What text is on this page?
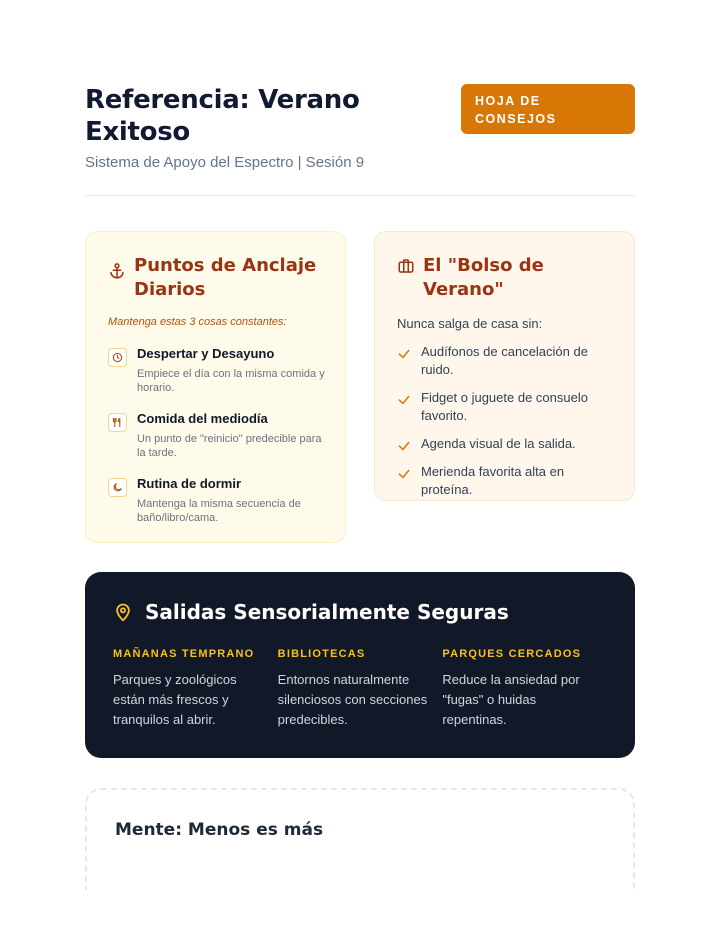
Referencia: Verano Exitoso
Sistema de Apoyo del Espectro | Sesión 9
HOJA DE CONSEJOS
Puntos de Anclaje Diarios
Mantenga estas 3 cosas constantes:
Despertar y Desayuno
Empiece el día con la misma comida y horario.
Comida del mediodía
Un punto de "reinicio" predecible para la tarde.
Rutina de dormir
Mantenga la misma secuencia de baño/libro/cama.
El "Bolso de Verano"
Nunca salga de casa sin:
Audífonos de cancelación de ruido.
Fidget o juguete de consuelo favorito.
Agenda visual de la salida.
Merienda favorita alta en proteína.
Salidas Sensorialmente Seguras
MAÑANAS TEMPRANO
Parques y zoológicos están más frescos y tranquilos al abrir.
BIBLIOTECAS
Entornos naturalmente silenciosos con secciones predecibles.
PARQUES CERCADOS
Reduce la ansiedad por "fugas" o huidas repentinas.
Mente: Menos es más
